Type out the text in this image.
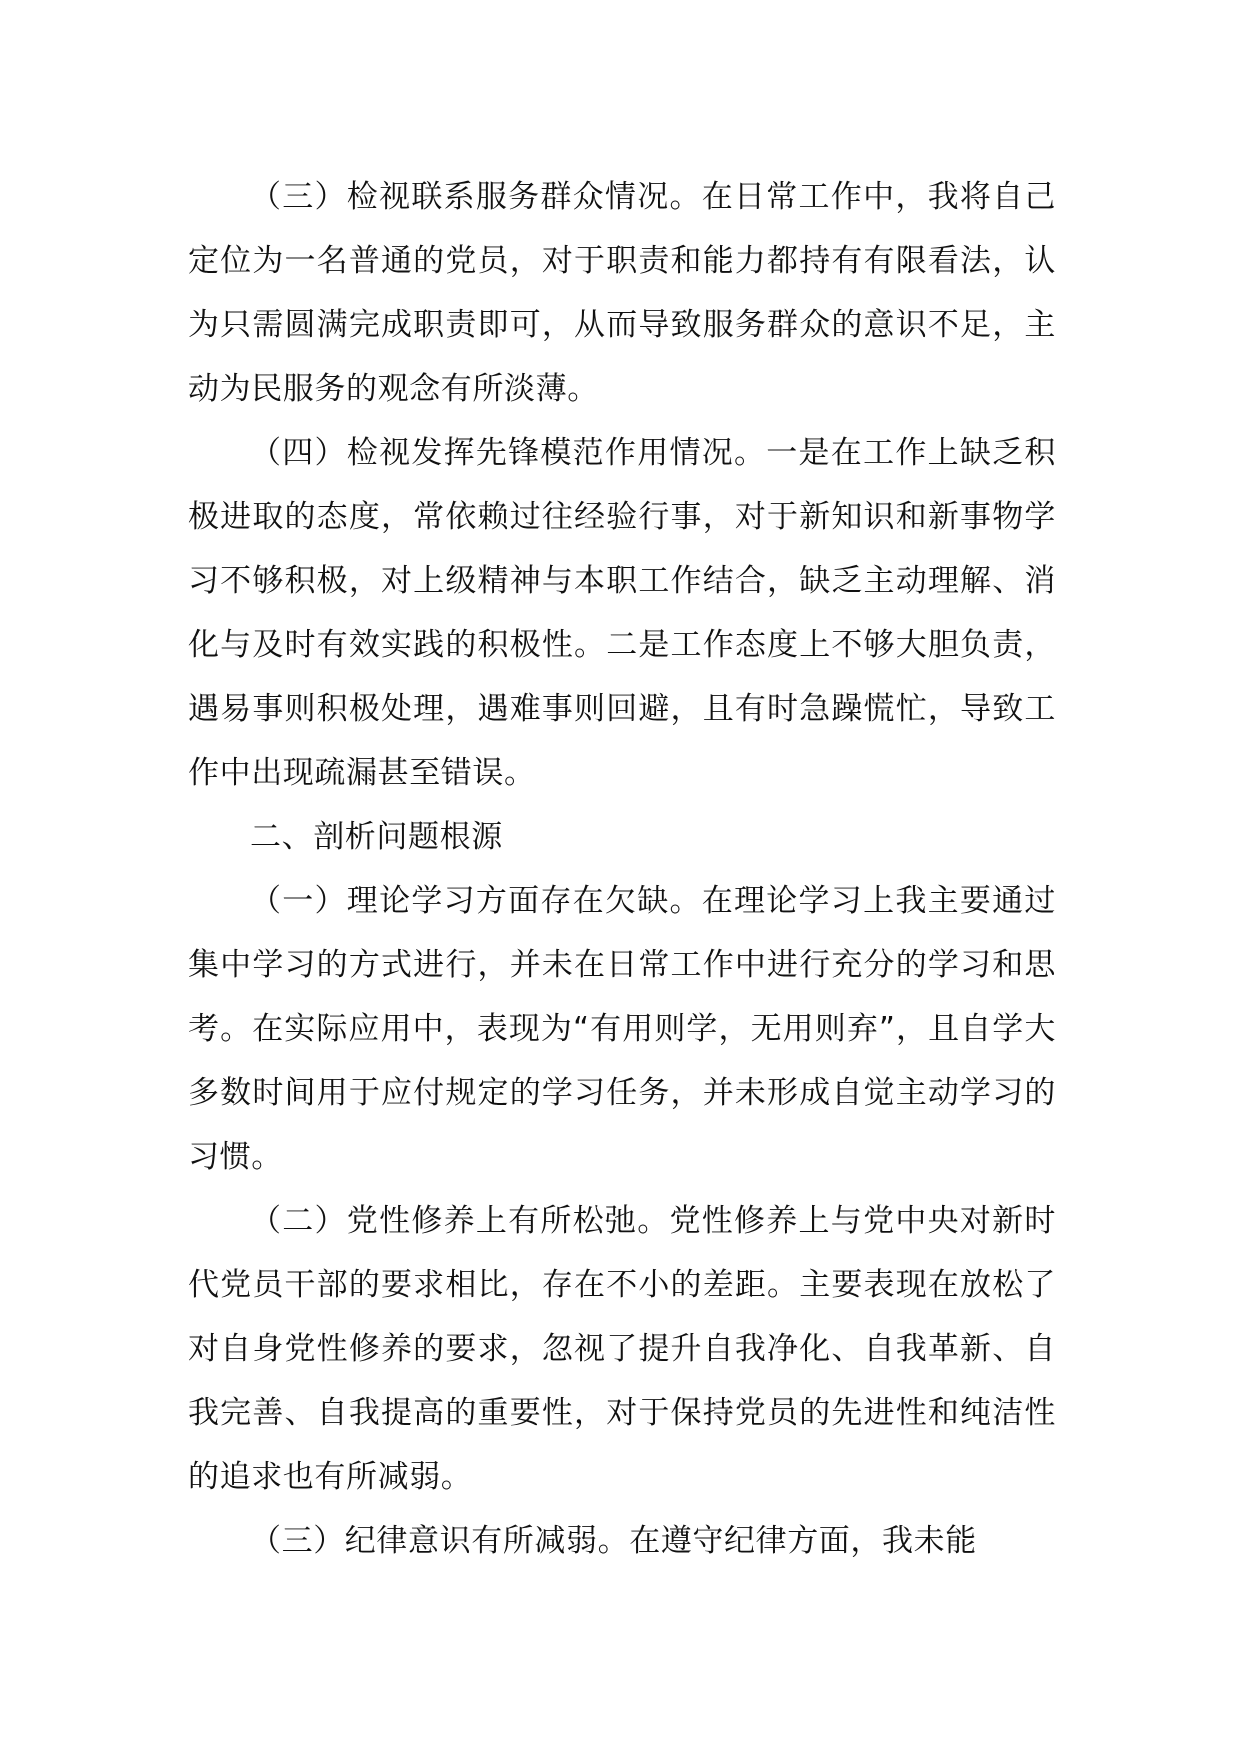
（三）检视联系服务群众情况。在日常工作中，我将自己定位为一名普通的党员，对于职责和能力都持有有限看法，认为只需圆满完成职责即可，从而导致服务群众的意识不足，主动为民服务的观念有所淡薄。

（四）检视发挥先锋模范作用情况。一是在工作上缺乏积极进取的态度，常依赖过往经验行事，对于新知识和新事物学习不够积极，对上级精神与本职工作结合，缺乏主动理解、消化与及时有效实践的积极性。二是工作态度上不够大胆负责，遇易事则积极处理，遇难事则回避，且有时急躁慌忙，导致工作中出现疏漏甚至错误。

二、剖析问题根源

（一）理论学习方面存在欠缺。在理论学习上我主要通过集中学习的方式进行，并未在日常工作中进行充分的学习和思考。在实际应用中，表现为“有用则学，无用则弃”，且自学大多数时间用于应付规定的学习任务，并未形成自觉主动学习的习惯。

（二）党性修养上有所松弛。党性修养上与党中央对新时代党员干部的要求相比，存在不小的差距。主要表现在放松了对自身党性修养的要求，忽视了提升自我净化、自我革新、自我完善、自我提高的重要性，对于保持党员的先进性和纯洁性的追求也有所减弱。

（三）纪律意识有所减弱。在遵守纪律方面，我未能
